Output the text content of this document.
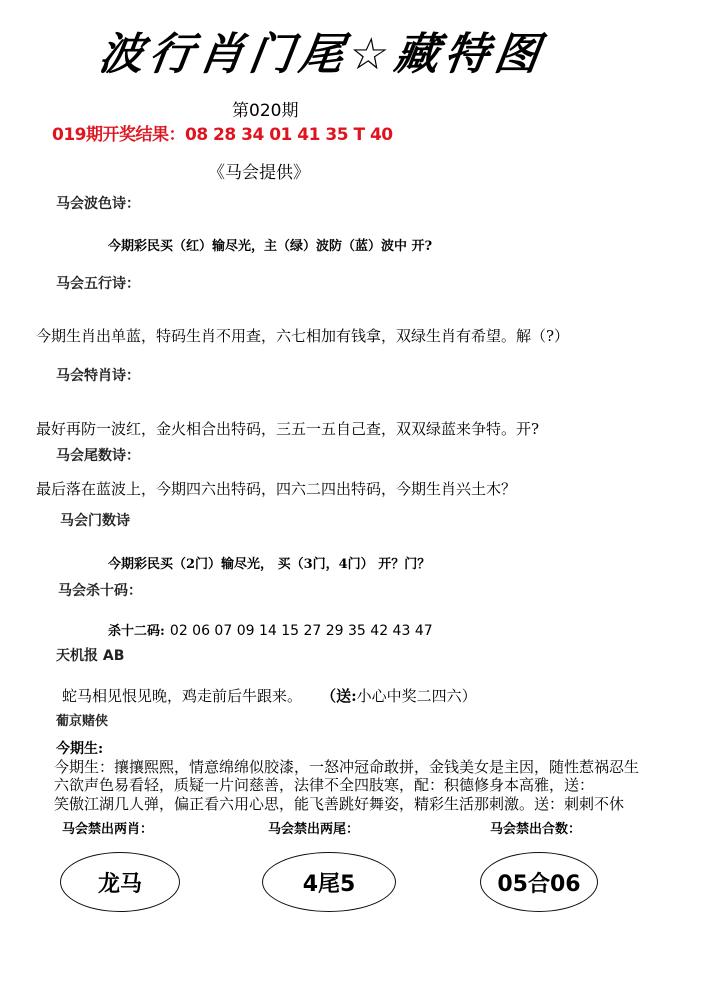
波行肖门尾☆藏特图
第020期
019期开奖结果：08 28 34 01 41 35 T 40
《马会提供》
马会波色诗：
今期彩民买（红）输尽光，主（绿）波防（蓝）波中 开?
马会五行诗：
今期生肖出单蓝，特码生肖不用查，六七相加有钱拿，双绿生肖有希望。解（?）
马会特肖诗：
最好再防一波红，金火相合出特码，三五一五自己查，双双绿蓝来争特。开?
马会尾数诗：
最后落在蓝波上，今期四六出特码，四六二四出特码，今期生肖兴土木？
马会门数诗
今期彩民买（2门）输尽光， 买（3门，4门） 开？门？
马会杀十码：
杀十二码: 02 06 07 09 14 15 27 29 35 42 43 47
天机报 AB
蛇马相见恨见晚，鸡走前后牛跟来。 （送:小心中奖二四六）
葡京赌侠
今期生:
今期生：攘攘熙熙，情意绵绵似胶漆，一怒冲冠命敢拼，金钱美女是主因，随性惹祸忍生
六欲声色易看轻，质疑一片问慈善，法律不全四肢寒，配：积德修身本高雅，送：
笑傲江湖几人弹，偏正看六用心思，能飞善跳好舞姿，精彩生活那刺激。送：刺刺不休
马会禁出两肖：	马会禁出两尾：	马会禁出合数：
龙马	4尾5	05合06
